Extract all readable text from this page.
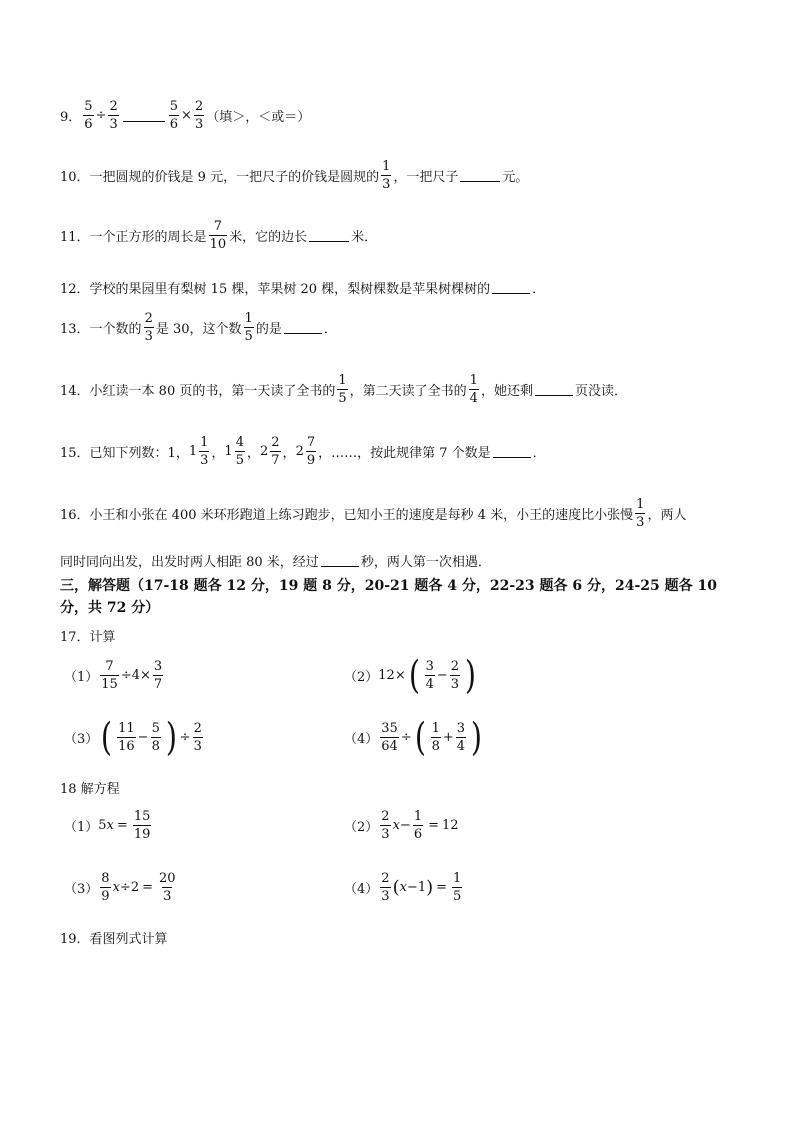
9． $\frac{5}{6} \div \frac{2}{3}$	$\frac{5}{6} \times \frac{2}{3}$ （填＞，＜或＝）
10． 一把圆规的价钱是 9 元，一把尺子的价钱是圆规的 $\frac{1}{3}$ ，一把尺子	元。
11． 一个正方形的周长是 $\frac{7}{10}$ 米，它的边长	米．
12． 学校的果园里有梨树 15 棵，苹果树 20 棵，梨树棵数是苹果树棵树的	．
13． 一个数的 $\frac{2}{3}$ 是 30，这个数 $\frac{1}{5}$ 的是	．
14． 小红读一本 80 页的书，第一天读了全书的 $\frac{1}{5}$ ，第二天读了全书的 $\frac{1}{4}$ ，她还剩	页没读．
15． 已知下列数：1， $1 \frac{1}{3}$ ， $1 \frac{4}{5}$ ， $2 \frac{2}{7}$ ， $2 \frac{7}{9}$ ，……，按此规律第 7 个数是	．
16． 小王和小张在 400 米环形跑道上练习跑步，已知小王的速度是每秒 4 米，小王的速度比小张慢 $\frac{1}{3}$ ，两人
同时同向出发，出发时两人相距 80 米，经过	秒，两人第一次相遇．
三，解答题（17-18 题各 12 分，19 题 8 分，20-21 题各 4 分，22-23 题各 6 分，24-25 题各 10 分，共 72 分）
17．计算
$(1) \frac{7}{15} \div 4 \times \frac{3}{7}$	（2） 12 × ( $\frac{3}{4} - \frac{2}{3}$ )
（3） ( $\frac{11}{16} - \frac{5}{8}$ ) ÷ $\frac{2}{3}$	$(4) \frac{35}{64}$ ÷ ( $\frac{1}{8} + \frac{3}{4}$ )
18 解方程
（1） 5 $x = \frac{15}{19}$	$(2) \frac{2}{3}$ $x - \frac{1}{6} = 12$
$(3) \frac{8}{9}$ $x \div 2 = \frac{20}{3}$	$(4) \frac{2}{3}$ ( x −1 ) = $\frac{1}{5}$
19．看图列式计算
